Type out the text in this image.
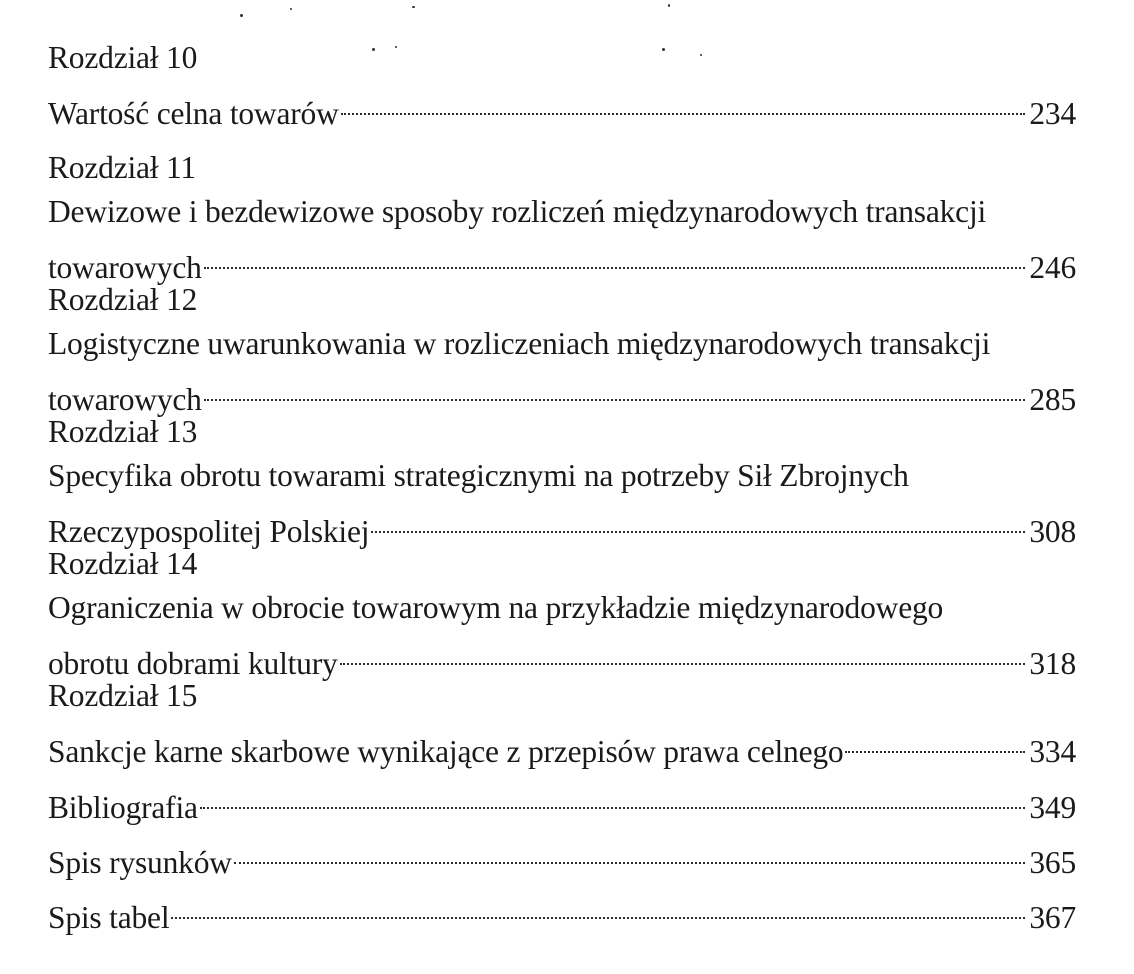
Rozdział 10
Wartość celna towarów	234
Rozdział 11
Dewizowe i bezdewizowe sposoby rozliczeń międzynarodowych transakcji
towarowych	246
Rozdział 12
Logistyczne uwarunkowania w rozliczeniach międzynarodowych transakcji
towarowych	285
Rozdział 13
Specyfika obrotu towarami strategicznymi na potrzeby Sił Zbrojnych
Rzeczypospolitej Polskiej	308
Rozdział 14
Ograniczenia w obrocie towarowym na przykładzie międzynarodowego
obrotu dobrami kultury	318
Rozdział 15
Sankcje karne skarbowe wynikające z przepisów prawa celnego	334
Bibliografia	349
Spis rysunków	365
Spis tabel	367
